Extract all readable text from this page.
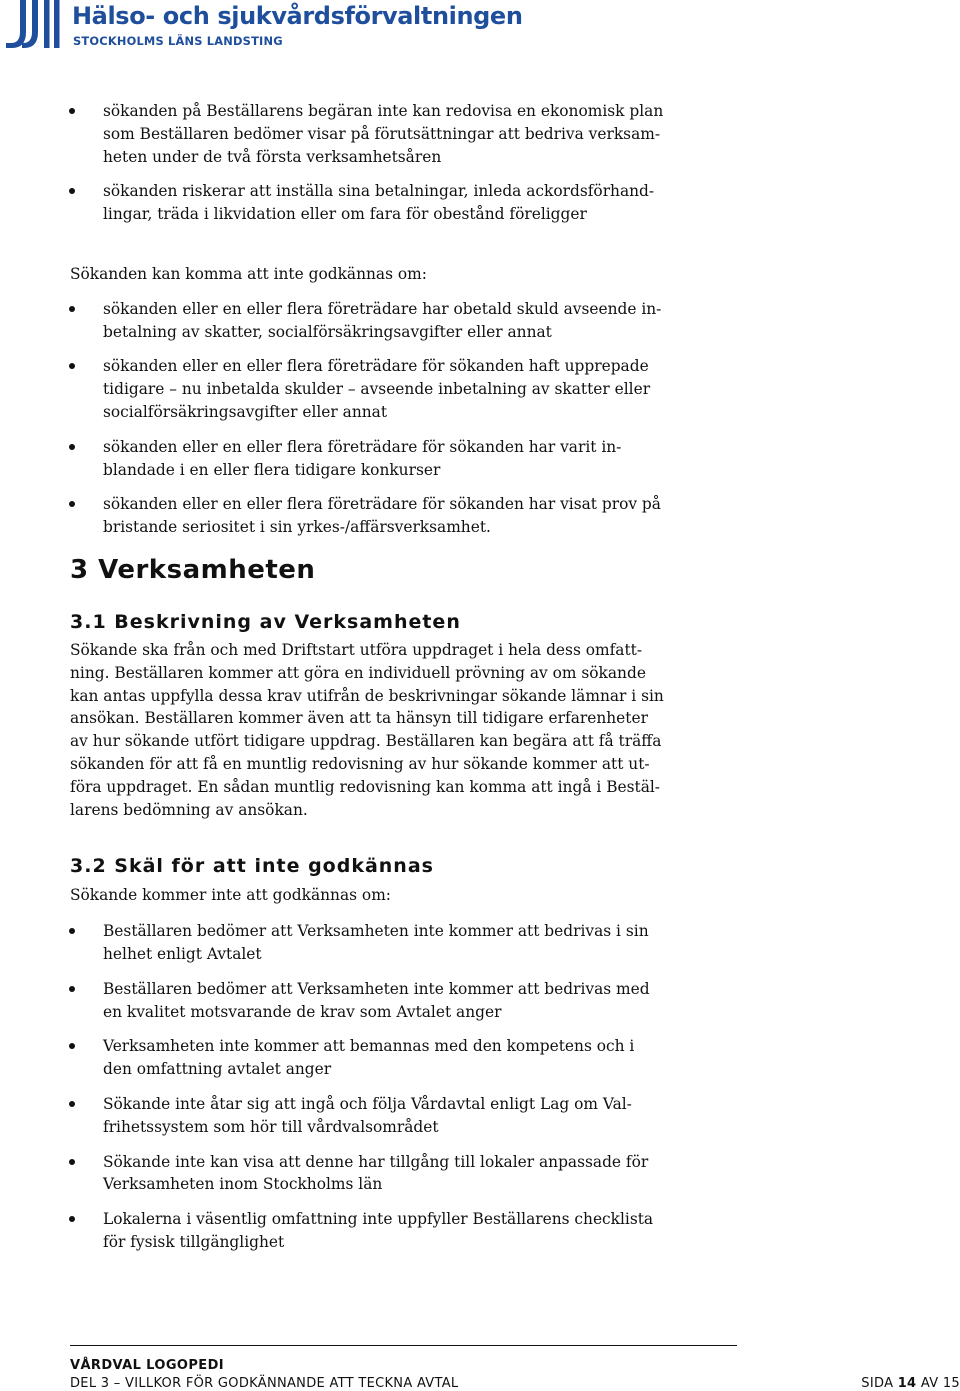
Hälso- och sjukvårdsförvaltningen
STOCKHOLMS LÄNS LANDSTING
sökanden på Beställarens begäran inte kan redovisa en ekonomisk plan
som Beställaren bedömer visar på förutsättningar att bedriva verksam-
heten under de två första verksamhetsåren
sökanden riskerar att inställa sina betalningar, inleda ackordsförhand-
lingar, träda i likvidation eller om fara för obestånd föreligger

Sökanden kan komma att inte godkännas om:

sökanden eller en eller flera företrädare har obetald skuld avseende in-
betalning av skatter, socialförsäkringsavgifter eller annat
sökanden eller en eller flera företrädare för sökanden haft upprepade
tidigare – nu inbetalda skulder – avseende inbetalning av skatter eller
socialförsäkringsavgifter eller annat
sökanden eller en eller flera företrädare för sökanden har varit in-
blandade i en eller flera tidigare konkurser
sökanden eller en eller flera företrädare för sökanden har visat prov på
bristande seriositet i sin yrkes-/affärsverksamhet.
3 Verksamheten
3.1 Beskrivning av Verksamheten
Sökande ska från och med Driftstart utföra uppdraget i hela dess omfatt-
ning. Beställaren kommer att göra en individuell prövning av om sökande
kan antas uppfylla dessa krav utifrån de beskrivningar sökande lämnar i sin
ansökan. Beställaren kommer även att ta hänsyn till tidigare erfarenheter
av hur sökande utfört tidigare uppdrag. Beställaren kan begära att få träffa
sökanden för att få en muntlig redovisning av hur sökande kommer att ut-
föra uppdraget. En sådan muntlig redovisning kan komma att ingå i Bestäl-
larens bedömning av ansökan.
3.2 Skäl för att inte godkännas

Sökande kommer inte att godkännas om:

Beställaren bedömer att Verksamheten inte kommer att bedrivas i sin
helhet enligt Avtalet
Beställaren bedömer att Verksamheten inte kommer att bedrivas med
en kvalitet motsvarande de krav som Avtalet anger
Verksamheten inte kommer att bemannas med den kompetens och i
den omfattning avtalet anger
Sökande inte åtar sig att ingå och följa Vårdavtal enligt Lag om Val-
frihetssystem som hör till vårdvalsområdet
Sökande inte kan visa att denne har tillgång till lokaler anpassade för
Verksamheten inom Stockholms län
Lokalerna i väsentlig omfattning inte uppfyller Beställarens checklista
för fysisk tillgänglighet
VÅRDVAL LOGOPEDI
DEL 3 – VILLKOR FÖR GODKÄNNANDE ATT TECKNA AVTAL	SIDA 14 AV 15
